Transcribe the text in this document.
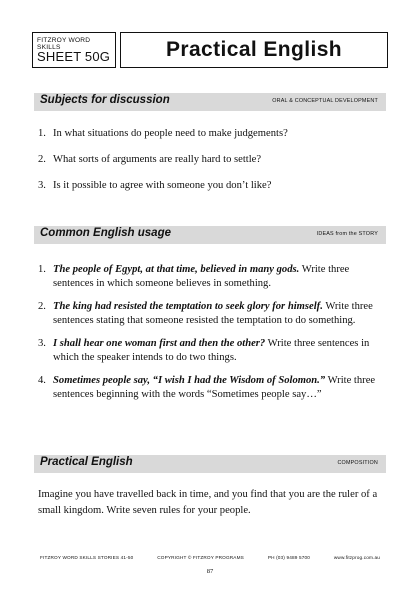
FITZROY WORD SKILLS
SHEET 50G	Practical English
Subjects for discussion	ORAL & CONCEPTUAL DEVELOPMENT
1. In what situations do people need to make judgements?
2. What sorts of arguments are really hard to settle?
3. Is it possible to agree with someone you don’t like?
Common English usage	IDEAS from the STORY
1. The people of Egypt, at that time, believed in many gods. Write three sentences in which someone believes in something.
2. The king had resisted the temptation to seek glory for himself. Write three sentences stating that someone resisted the temptation to do something.
3. I shall hear one woman first and then the other? Write three sentences in which the speaker intends to do two things.
4. Sometimes people say, “I wish I had the Wisdom of Solomon.” Write three sentences beginning with the words “Sometimes people say…”
Practical English	COMPOSITION

Imagine you have travelled back in time, and you find that you are the ruler of a small kingdom. Write seven rules for your people.

FITZROY WORD SKILLS STORIES 41-50	COPYRIGHT © FITZROY PROGRAMS	PH (03) 9489 5700	www.fitzprog.com.au
87
